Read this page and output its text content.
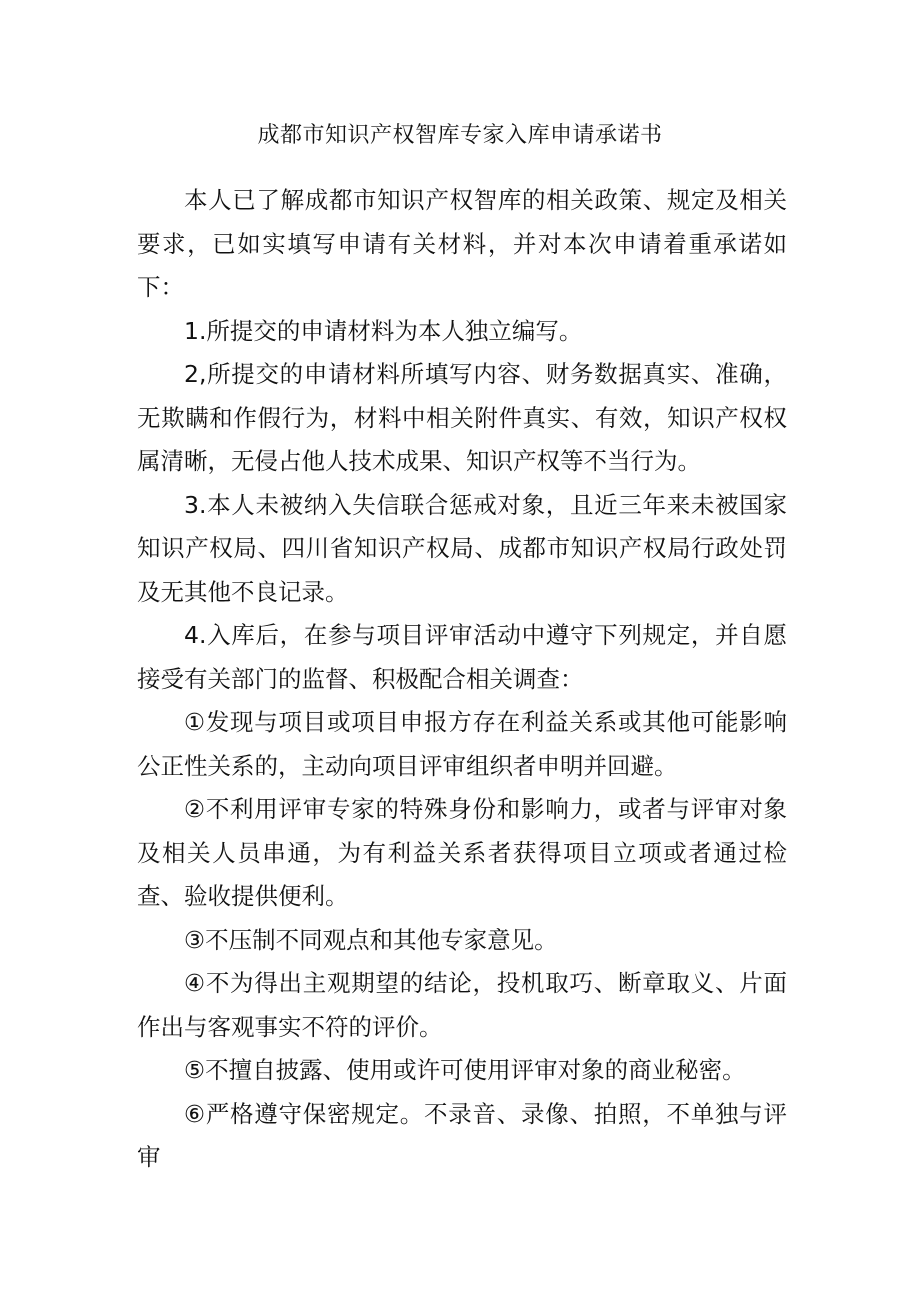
成都市知识产权智库专家入库申请承诺书

本人已了解成都市知识产权智库的相关政策、规定及相关要求，已如实填写申请有关材料，并对本次申请着重承诺如下：

1.所提交的申请材料为本人独立编写。

2,所提交的申请材料所填写内容、财务数据真实、准确，无欺瞒和作假行为，材料中相关附件真实、有效，知识产权权属清晰，无侵占他人技术成果、知识产权等不当行为。

3.本人未被纳入失信联合惩戒对象，且近三年来未被国家知识产权局、四川省知识产权局、成都市知识产权局行政处罚及无其他不良记录。

4.入库后，在参与项目评审活动中遵守下列规定，并自愿接受有关部门的监督、积极配合相关调查：

①发现与项目或项目申报方存在利益关系或其他可能影响公正性关系的，主动向项目评审组织者申明并回避。

②不利用评审专家的特殊身份和影响力，或者与评审对象及相关人员串通，为有利益关系者获得项目立项或者通过检查、验收提供便利。

③不压制不同观点和其他专家意见。

④不为得出主观期望的结论，投机取巧、断章取义、片面作出与客观事实不符的评价。

⑤不擅自披露、使用或许可使用评审对象的商业秘密。

⑥严格遵守保密规定。不录音、录像、拍照，不单独与评审
